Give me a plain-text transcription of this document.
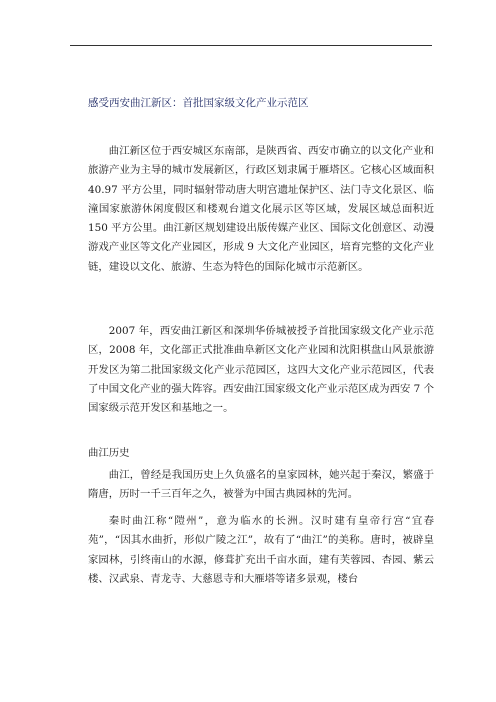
感受西安曲江新区：首批国家级文化产业示范区

曲江新区位于西安城区东南部，是陕西省、西安市确立的以文化产业和旅游产业为主导的城市发展新区，行政区划隶属于雁塔区。它核心区域面积 40.97 平方公里，同时辐射带动唐大明宫遗址保护区、法门寺文化景区、临潼国家旅游休闲度假区和楼观台道文化展示区等区域，发展区域总面积近 150 平方公里。曲江新区规划建设出版传媒产业区、国际文化创意区、动漫游戏产业区等文化产业园区，形成 9 大文化产业园区，培育完整的文化产业链，建设以文化、旅游、生态为特色的国际化城市示范新区。

2007 年，西安曲江新区和深圳华侨城被授予首批国家级文化产业示范区，2008 年，文化部正式批准曲阜新区文化产业园和沈阳棋盘山风景旅游开发区为第二批国家级文化产业示范园区，这四大文化产业示范园区，代表了中国文化产业的强大阵容。西安曲江国家级文化产业示范区成为西安 7 个国家级示范开发区和基地之一。

曲江历史

曲江，曾经是我国历史上久负盛名的皇家园林，她兴起于秦汉，繁盛于隋唐，历时一千三百年之久，被誉为中国古典园林的先河。

秦时曲江称“隑州”，意为临水的长洲。汉时建有皇帝行宫“宜春苑”，“因其水曲折，形似广陵之江”，故有了“曲江”的美称。唐时，被辟皇家园林，引终南山的水源，修葺扩充出千亩水面，建有芙蓉园、杏园、紫云楼、汉武泉、青龙寺、大慈恩寺和大雁塔等诸多景观，楼台
